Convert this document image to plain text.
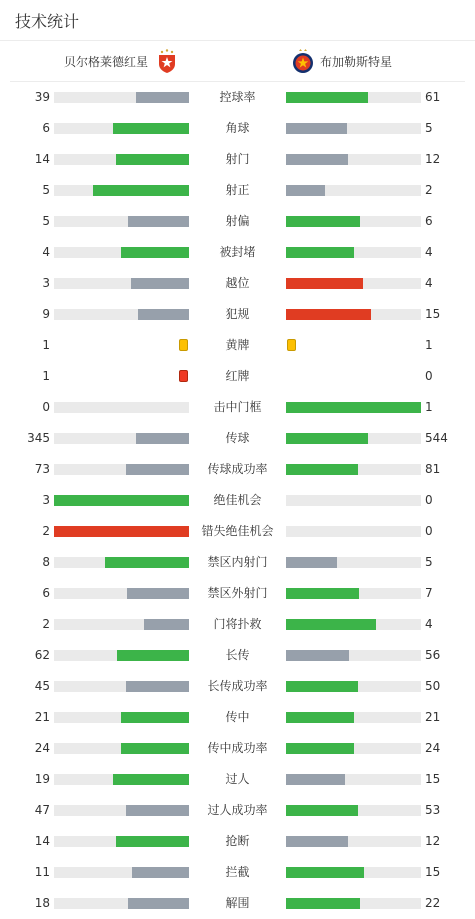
技术统计
贝尔格莱德红星	布加勒斯特星
39	控球率	61
6	角球	5
14	射门	12
5	射正	2
5	射偏	6
4	被封堵	4
3	越位	4
9	犯规	15
1	黄牌	1
1	红牌	0
0	击中门框	1
345	传球	544
73	传球成功率	81
3	绝佳机会	0
2	错失绝佳机会	0
8	禁区内射门	5
6	禁区外射门	7
2	门将扑救	4
62	长传	56
45	长传成功率	50
21	传中	21
24	传中成功率	24
19	过人	15
47	过人成功率	53
14	抢断	12
11	拦截	15
18	解围	22
